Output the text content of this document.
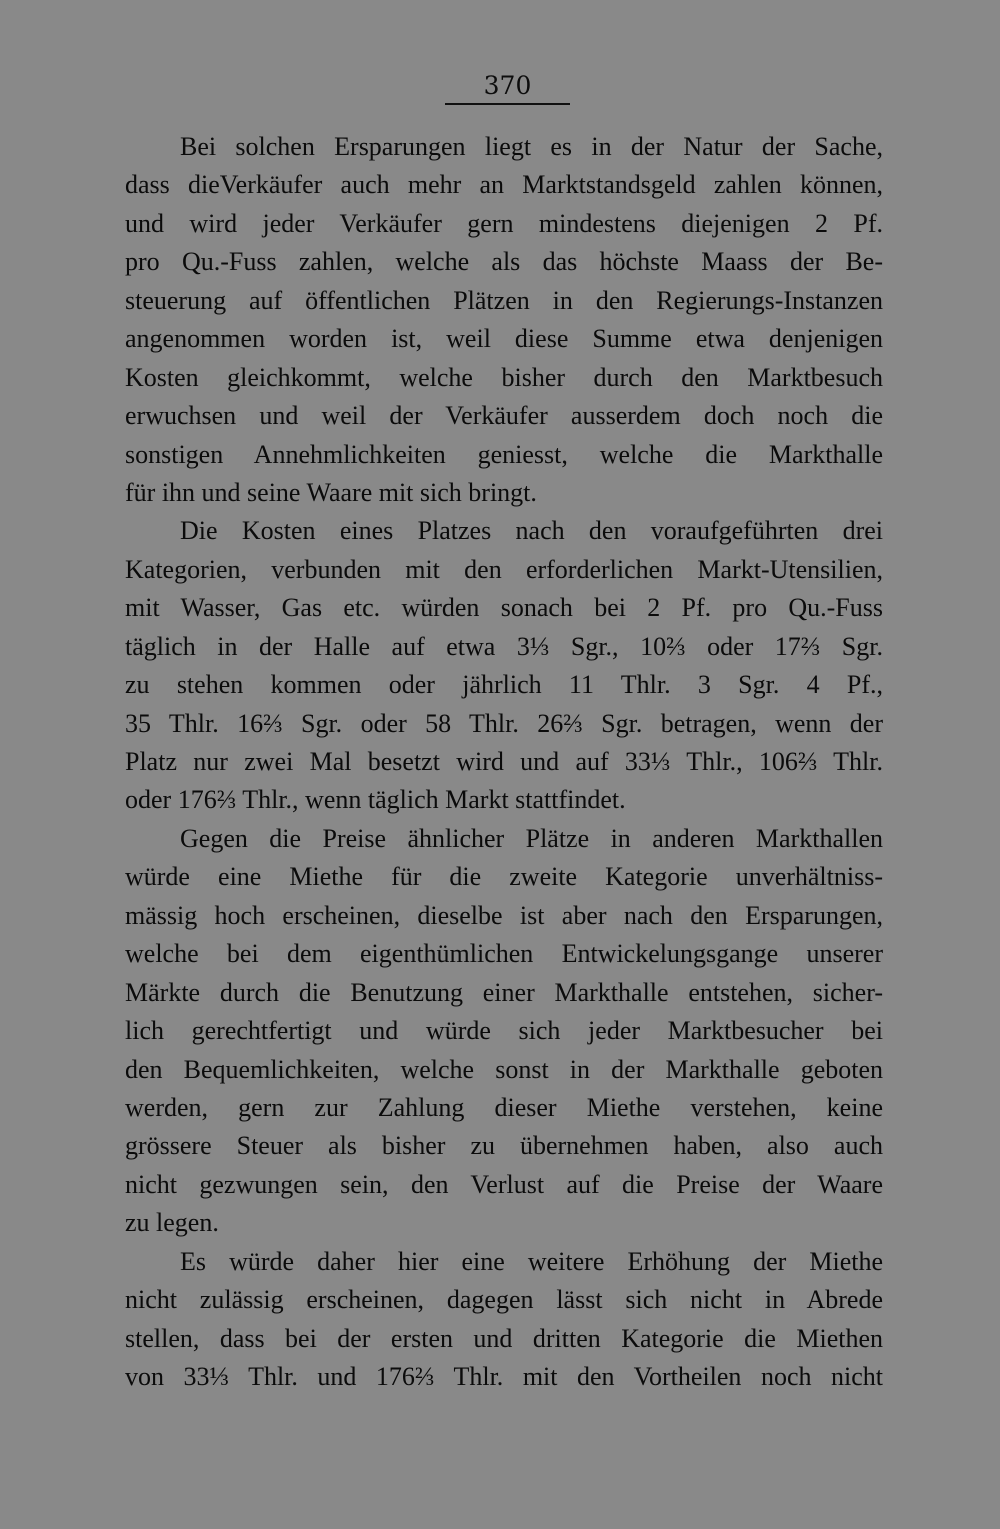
370
Bei solchen Ersparungen liegt es in der Natur der Sache,
dass dieVerkäufer auch mehr an Marktstandsgeld zahlen können,
und wird jeder Verkäufer gern mindestens diejenigen 2 Pf.
pro Qu.-Fuss zahlen, welche als das höchste Maass der Be-
steuerung auf öffentlichen Plätzen in den Regierungs-Instanzen
angenommen worden ist, weil diese Summe etwa denjenigen
Kosten gleichkommt, welche bisher durch den Marktbesuch
erwuchsen und weil der Verkäufer ausserdem doch noch die
sonstigen Annehmlichkeiten geniesst, welche die Markthalle
für ihn und seine Waare mit sich bringt.
Die Kosten eines Platzes nach den voraufgeführten drei
Kategorien, verbunden mit den erforderlichen Markt-Utensilien,
mit Wasser, Gas etc. würden sonach bei 2 Pf. pro Qu.-Fuss
täglich in der Halle auf etwa 3⅓ Sgr., 10⅔ oder 17⅔ Sgr.
zu stehen kommen oder jährlich 11 Thlr. 3 Sgr. 4 Pf.,
35 Thlr. 16⅔ Sgr. oder 58 Thlr. 26⅔ Sgr. betragen, wenn der
Platz nur zwei Mal besetzt wird und auf 33⅓ Thlr., 106⅔ Thlr.
oder 176⅔ Thlr., wenn täglich Markt stattfindet.
Gegen die Preise ähnlicher Plätze in anderen Markthallen
würde eine Miethe für die zweite Kategorie unverhältniss-
mässig hoch erscheinen, dieselbe ist aber nach den Ersparungen,
welche bei dem eigenthümlichen Entwickelungsgange unserer
Märkte durch die Benutzung einer Markthalle entstehen, sicher-
lich gerechtfertigt und würde sich jeder Marktbesucher bei
den Bequemlichkeiten, welche sonst in der Markthalle geboten
werden, gern zur Zahlung dieser Miethe verstehen, keine
grössere Steuer als bisher zu übernehmen haben, also auch
nicht gezwungen sein, den Verlust auf die Preise der Waare
zu legen.
Es würde daher hier eine weitere Erhöhung der Miethe
nicht zulässig erscheinen, dagegen lässt sich nicht in Abrede
stellen, dass bei der ersten und dritten Kategorie die Miethen
von 33⅓ Thlr. und 176⅔ Thlr. mit den Vortheilen noch nicht
